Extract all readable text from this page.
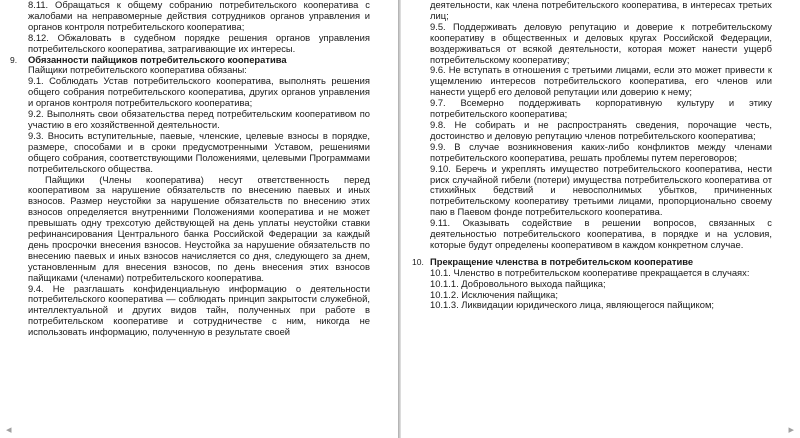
8.11. Обращаться к общему собранию потребительского кооператива с жалобами на неправомерные действия сотрудников органов управления и органов контроля потребительского кооператива;

8.12. Обжаловать в судебном порядке решения органов управления потребительского кооператива, затрагивающие их интересы.

9. Обязанности пайщиков потребительского кооператива

Пайщики потребительского кооператива обязаны:

9.1. Соблюдать Устав потребительского кооператива, выполнять решения общего собрания потребительского кооператива, других органов управления и органов контроля потребительского кооператива;

9.2. Выполнять свои обязательства перед потребительским кооперативом по участию в его хозяйственной деятельности.

9.3. Вносить вступительные, паевые, членские, целевые взносы в порядке, размере, способами и в сроки предусмотренными Уставом, решениями общего собрания, соответствующими Положениями, целевыми Программами потребительского общества.

Пайщики (Члены кооператива) несут ответственность перед кооперативом за нарушение обязательств по внесению паевых и иных взносов. Размер неустойки за нарушение обязательств по внесению этих взносов определяется внутренними Положениями кооператива и не может превышать одну трехсотую действующей на день уплаты неустойки ставки рефинансирования Центрального банка Российской Федерации за каждый день просрочки внесения взносов. Неустойка за нарушение обязательств по внесению паевых и иных взносов начисляется со дня, следующего за днем, установленным для внесения взносов, по день внесения этих взносов пайщиками (членами) потребительского кооператива.

9.4. Не разглашать конфиденциальную информацию о деятельности потребительского кооператива — соблюдать принцип закрытости служебной, интеллектуальной и других видов тайн, полученных при работе в потребительском кооперативе и сотрудничестве с ним, никогда не использовать информацию, полученную в результате своей

◂

деятельности, как члена потребительского кооператива, в интересах третьих лиц;

9.5. Поддерживать деловую репутацию и доверие к потребительскому кооперативу в общественных и деловых кругах Российской Федерации, воздерживаться от всякой деятельности, которая может нанести ущерб потребительскому кооперативу;

9.6. Не вступать в отношения с третьими лицами, если это может привести к ущемлению интересов потребительского кооператива, его членов или нанести ущерб его деловой репутации или доверию к нему;

9.7. Всемерно поддерживать корпоративную культуру и этику потребительского кооператива;

9.8. Не собирать и не распространять сведения, порочащие честь, достоинство и деловую репутацию членов потребительского кооператива;

9.9. В случае возникновения каких-либо конфликтов между членами потребительского кооператива, решать проблемы путем переговоров;

9.10. Беречь и укреплять имущество потребительского кооператива, нести риск случайной гибели (потери) имущества потребительского кооператива от стихийных бедствий и невосполнимых убытков, причиненных потребительскому кооперативу третьими лицами, пропорционально своему паю в Паевом фонде потребительского кооператива.

9.11. Оказывать содействие в решении вопросов, связанных с деятельностью потребительского кооператива, в порядке и на условия, которые будут определены кооперативом в каждом конкретном случае.

10. Прекращение членства в потребительском кооперативе

10.1. Членство в потребительском кооперативе прекращается в случаях:

10.1.1. Добровольного выхода пайщика;

10.1.2. Исключения пайщика;

10.1.3. Ликвидации юридического лица, являющегося пайщиком;

▸
